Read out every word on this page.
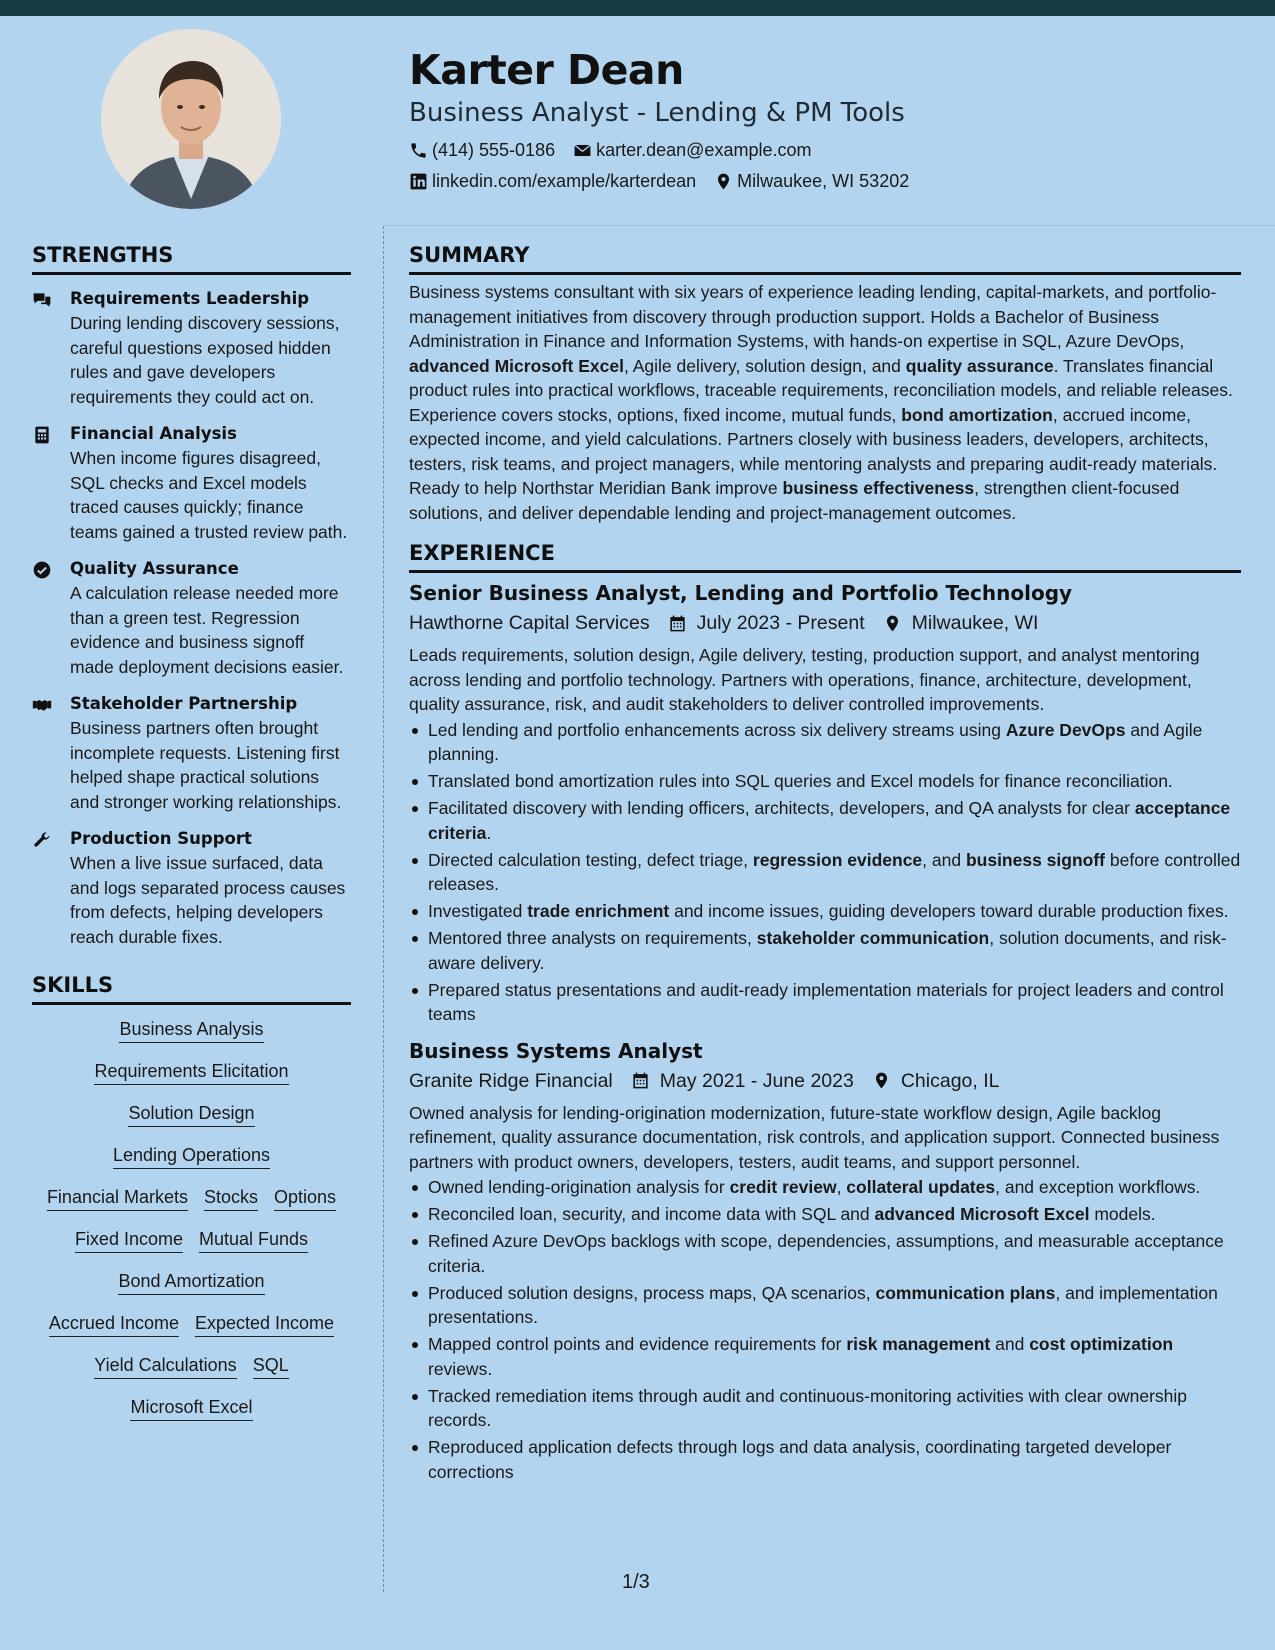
Karter Dean
Business Analyst - Lending & PM Tools
(414) 555-0186 karter.dean@example.com
linkedin.com/example/karterdean Milwaukee, WI 53202
STRENGTHS
Requirements Leadership
During lending discovery sessions, careful questions exposed hidden rules and gave developers requirements they could act on.
Financial Analysis
When income figures disagreed, SQL checks and Excel models traced causes quickly; finance teams gained a trusted review path.
Quality Assurance
A calculation release needed more than a green test. Regression evidence and business signoff made deployment decisions easier.
Stakeholder Partnership
Business partners often brought incomplete requests. Listening first helped shape practical solutions and stronger working relationships.
Production Support
When a live issue surfaced, data and logs separated process causes from defects, helping developers reach durable fixes.
SKILLS
Business Analysis
Requirements Elicitation
Solution Design
Lending Operations
Financial Markets Stocks Options
Fixed Income Mutual Funds
Bond Amortization
Accrued Income Expected Income
Yield Calculations SQL
Microsoft Excel
SUMMARY
Business systems consultant with six years of experience leading lending, capital-markets, and portfolio-management initiatives from discovery through production support. Holds a Bachelor of Business Administration in Finance and Information Systems, with hands-on expertise in SQL, Azure DevOps, advanced Microsoft Excel, Agile delivery, solution design, and quality assurance. Translates financial product rules into practical workflows, traceable requirements, reconciliation models, and reliable releases. Experience covers stocks, options, fixed income, mutual funds, bond amortization, accrued income, expected income, and yield calculations. Partners closely with business leaders, developers, architects, testers, risk teams, and project managers, while mentoring analysts and preparing audit-ready materials. Ready to help Northstar Meridian Bank improve business effectiveness, strengthen client-focused solutions, and deliver dependable lending and project-management outcomes.
EXPERIENCE
Senior Business Analyst, Lending and Portfolio Technology
Hawthorne Capital Services July 2023 - Present Milwaukee, WI
Leads requirements, solution design, Agile delivery, testing, production support, and analyst mentoring across lending and portfolio technology. Partners with operations, finance, architecture, development, quality assurance, risk, and audit stakeholders to deliver controlled improvements.
Led lending and portfolio enhancements across six delivery streams using Azure DevOps and Agile planning.
Translated bond amortization rules into SQL queries and Excel models for finance reconciliation.
Facilitated discovery with lending officers, architects, developers, and QA analysts for clear acceptance criteria.
Directed calculation testing, defect triage, regression evidence, and business signoff before controlled releases.
Investigated trade enrichment and income issues, guiding developers toward durable production fixes.
Mentored three analysts on requirements, stakeholder communication, solution documents, and risk-aware delivery.
Prepared status presentations and audit-ready implementation materials for project leaders and control teams
Business Systems Analyst
Granite Ridge Financial May 2021 - June 2023 Chicago, IL
Owned analysis for lending-origination modernization, future-state workflow design, Agile backlog refinement, quality assurance documentation, risk controls, and application support. Connected business partners with product owners, developers, testers, audit teams, and support personnel.
Owned lending-origination analysis for credit review, collateral updates, and exception workflows.
Reconciled loan, security, and income data with SQL and advanced Microsoft Excel models.
Refined Azure DevOps backlogs with scope, dependencies, assumptions, and measurable acceptance criteria.
Produced solution designs, process maps, QA scenarios, communication plans, and implementation presentations.
Mapped control points and evidence requirements for risk management and cost optimization reviews.
Tracked remediation items through audit and continuous-monitoring activities with clear ownership records.
Reproduced application defects through logs and data analysis, coordinating targeted developer corrections
1/3
